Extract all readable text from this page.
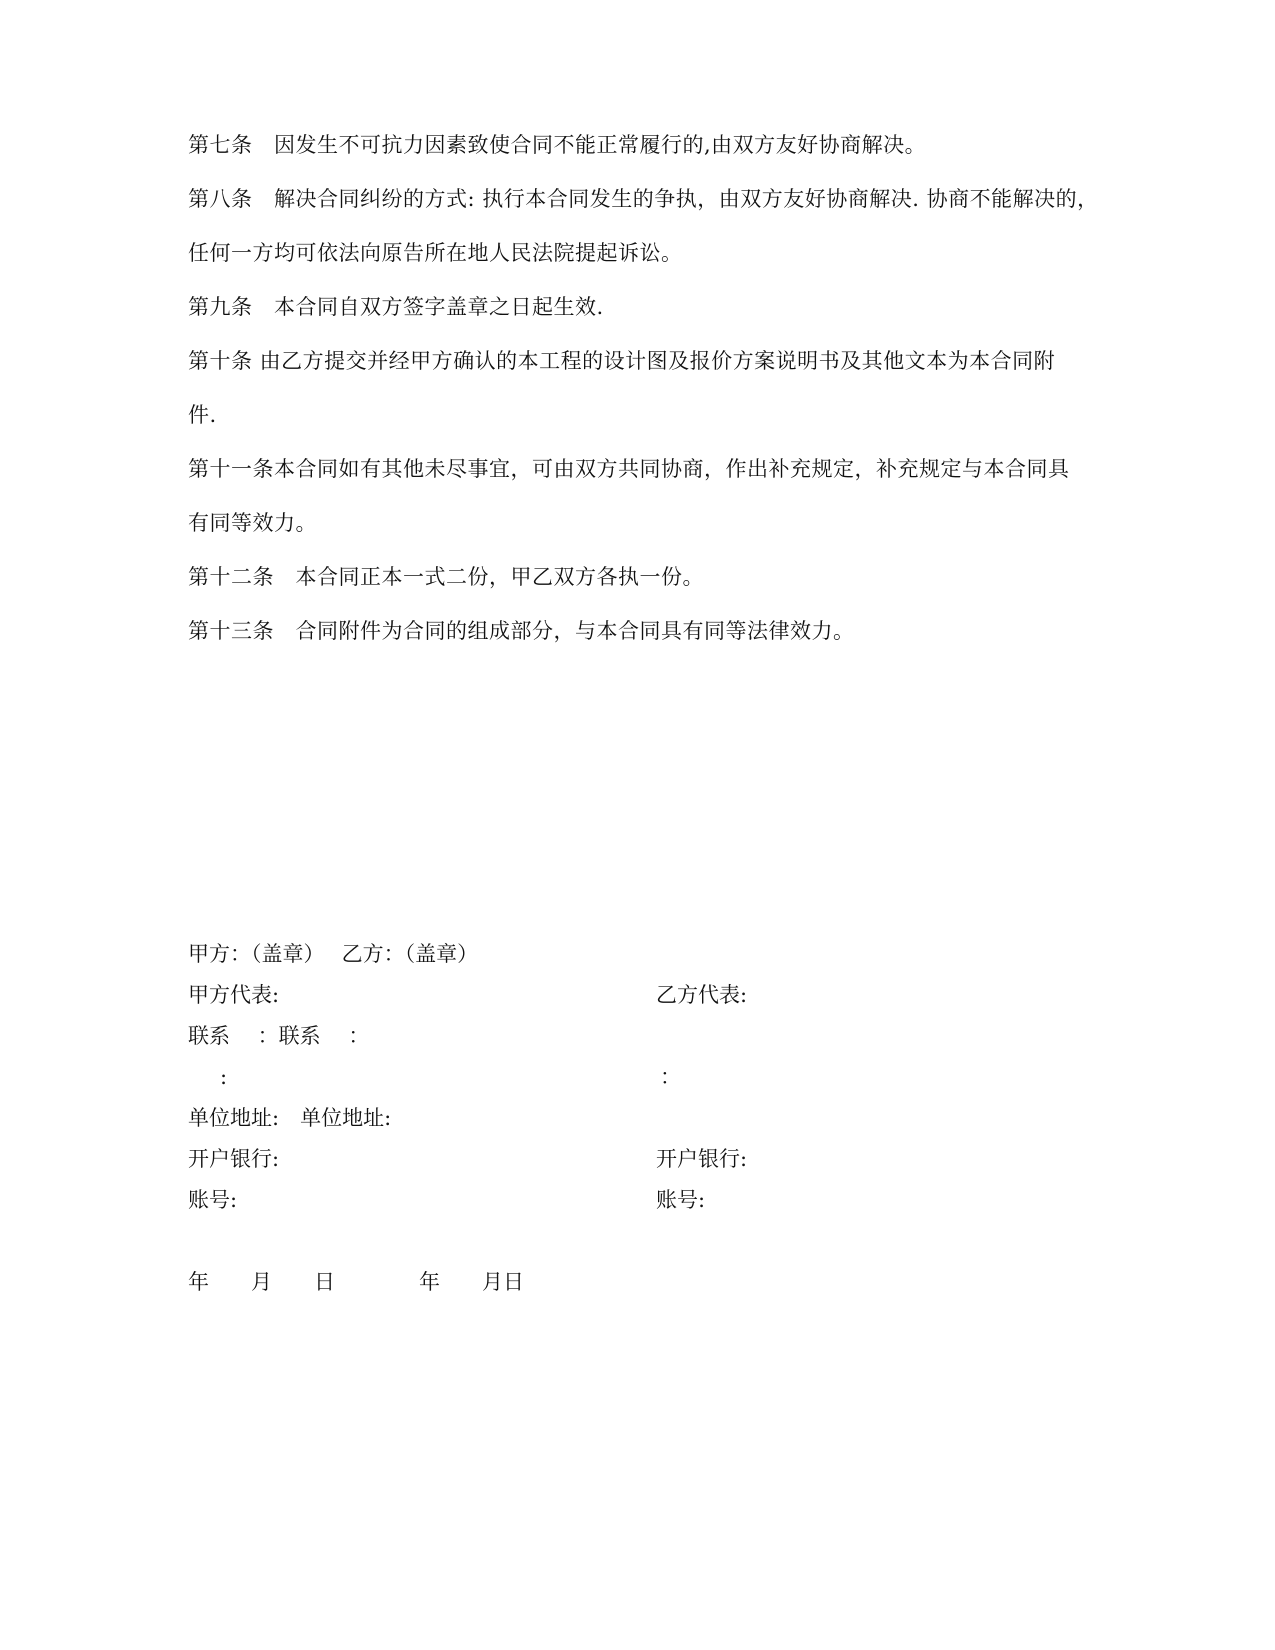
第七条　因发生不可抗力因素致使合同不能正常履行的,由双方友好协商解决。
第八条　解决合同纠纷的方式: 执行本合同发生的争执，由双方友好协商解决. 协商不能解决的，
任何一方均可依法向原告所在地人民法院提起诉讼。
第九条　本合同自双方签字盖章之日起生效.
第十条 由乙方提交并经甲方确认的本工程的设计图及报价方案说明书及其他文本为本合同附
件.
第十一条本合同如有其他未尽事宜，可由双方共同协商，作出补充规定，补充规定与本合同具
有同等效力。
第十二条　本合同正本一式二份，甲乙双方各执一份。
第十三条　合同附件为合同的组成部分，与本合同具有同等法律效力。
甲方：（盖章）　 乙方：（盖章）
甲方代表:	乙方代表:
联系　 ：联系　 ：
:	：
单位地址:　单位地址:
开户银行:	开户银行:
账号:	账号:
年　　月　　日　　　　年　　月日
